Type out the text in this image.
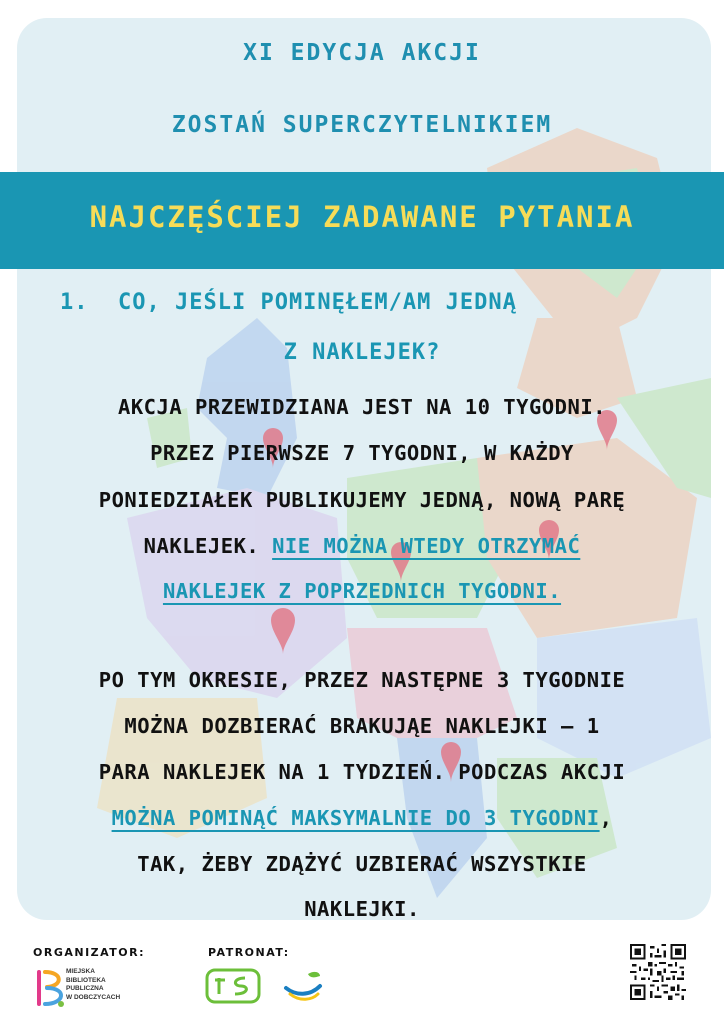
XI EDYCJA AKCJI
ZOSTAŃ SUPERCZYTELNIKIEM
NAJCZĘŚCIEJ ZADAWANE PYTANIA
1. CO, JEŚLI POMINĘŁEM/AM JEDNĄ
Z NAKLEJEK?
AKCJA PRZEWIDZIANA JEST NA 10 TYGODNI.
PRZEZ PIERWSZE 7 TYGODNI, W KAŻDY
PONIEDZIAŁEK PUBLIKUJEMY JEDNĄ, NOWĄ PARĘ
NAKLEJEK. NIE MOŻNA WTEDY OTRZYMAĆ
NAKLEJEK Z POPRZEDNICH TYGODNI.
PO TYM OKRESIE, PRZEZ NASTĘPNE 3 TYGODNIE
MOŻNA DOZBIERAĆ BRAKUJĄE NAKLEJKI – 1
PARA NAKLEJEK NA 1 TYDZIEŃ. PODCZAS AKCJI
MOŻNA POMINĄĆ MAKSYMALNIE DO 3 TYGODNI,
TAK, ŻEBY ZDĄŻYĆ UZBIERAĆ WSZYSTKIE
NAKLEJKI.
ORGANIZATOR:	PATRONAT:
MIEJSKA
BIBLIOTEKA
PUBLICZNA
W DOBCZYCACH
